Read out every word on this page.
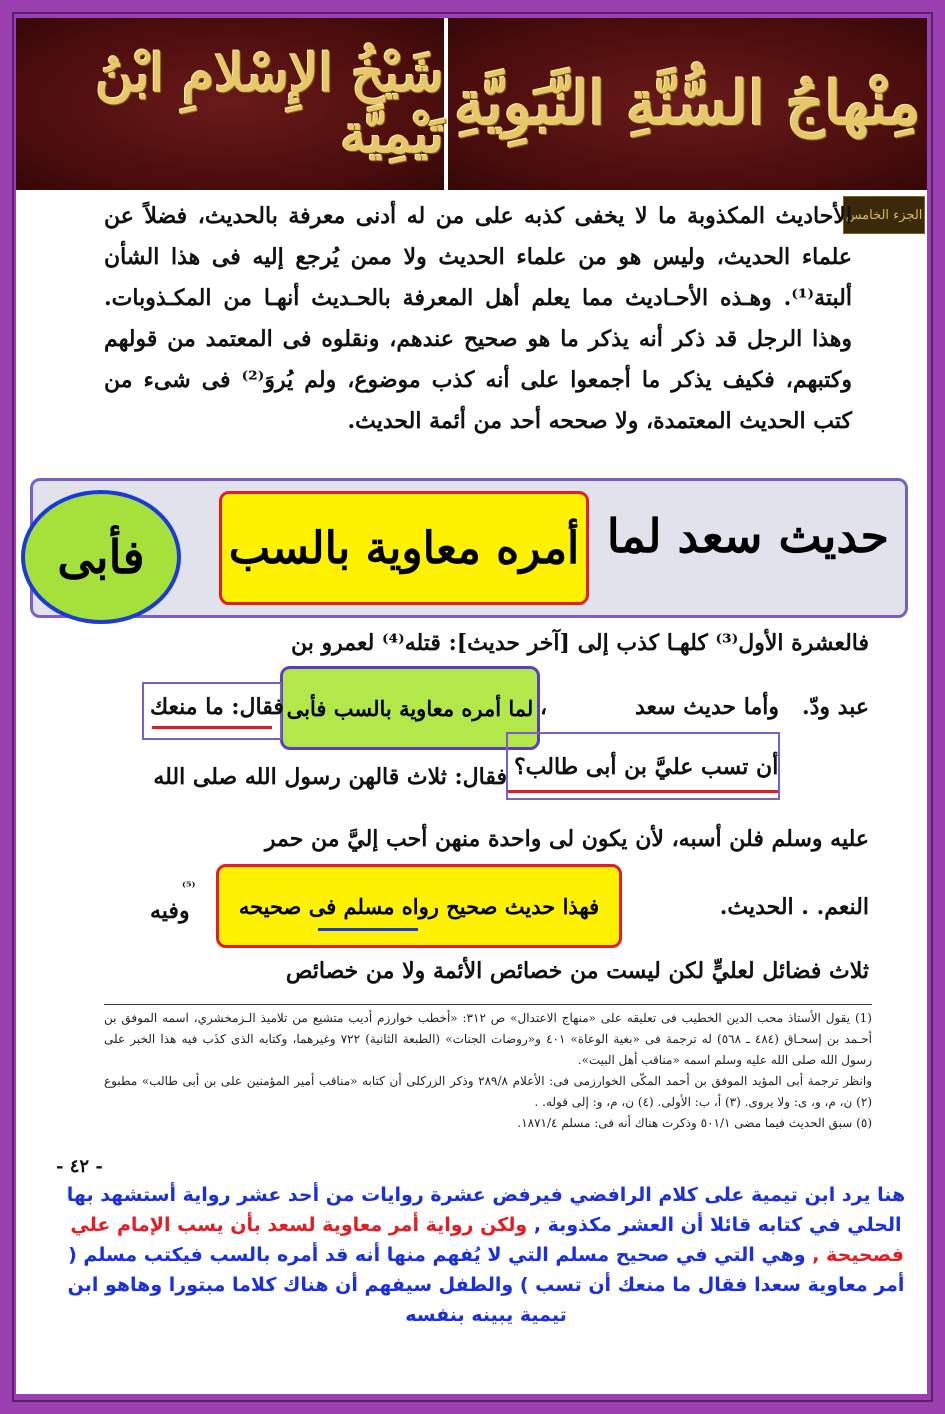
شَيْخُ الإِسْلامِ ابْنُ تَيْمِيَّة مِنْهاجُ السُّنَّةِ النَّبَوِيَّةِ
الجزء الخامس
الأحاديث المكذوبة ما لا يخفى كذبه على من له أدنى معرفة بالحديث، فضلاً عن علماء الحديث، وليس هو من علماء الحديث ولا ممن يُرجع إليه فى هذا الشأن ألبتة⁽¹⁾. وهـذه الأحـاديث مما يعلم أهل المعرفة بالحـديث أنهـا من المكـذوبات. وهذا الرجل قد ذكر أنه يذكر ما هو صحيح عندهم، ونقلوه فى المعتمد من قولهم وكتبهم، فكيف يذكر ما أجمعوا على أنه كذب موضوع، ولم يُروَ⁽²⁾ فى شىء من كتب الحديث المعتمدة، ولا صححه أحد من أئمة الحديث.
حديث سعد لما
أمره معاوية بالسب
فأبى
فالعشرة الأول⁽³⁾ كلهـا كذب إلى [آخر حديث]: قتله⁽⁴⁾ لعمرو بن
عبد ودّ.
وأما حديث سعد
لما أمره معاوية بالسب فأبى ،
فقال: ما منعك
أن تسب عليَّ بن أبى طالب؟
فقال: ثلاث قالهن رسول الله صلى الله
عليه وسلم فلن أسبه، لأن يكون لى واحدة منهن أحب إليَّ من حمر
النعم. . الحديث.
فهذا حديث صحيح رواه مسلم فى صحيحه
⁽⁵⁾
وفيه
ثلاث فضائل لعليٍّ لكن ليست من خصائص الأئمة ولا من خصائص
(1) يقول الأستاذ محب الدين الخطيب فى تعليقه على «منهاج الاعتدال» ص ٣١٢: «أخطب خوارزم أديب متشيع من تلاميذ الـزمخشري، اسمه الموفق بن أحـمد بن إسحـاق (٤٨٤ ـ ٥٦٨) له ترجمة فى «بغية الوعاة» ٤٠١ و«روضات الجنات» (الطبعة الثانية) ٧٢٢ وغيرهما، وكتابه الذى كذَب فيه هذا الخبر على رسول الله صلى الله عليه وسلم اسمه «مناقب أهل البيت».
وانظر ترجمة أبى المؤيد الموفق بن أحمد المكّى الخوارزمى فى: الأعلام ٢٨٩/٨ وذكر الزركلى أن كتابه «مناقب أمير المؤمنين على بن أبى طالب» مطبوع (٢) ن، م، و، ى: ولا يروى. (٣) أ، ب: الأولى. (٤) ن، م، و: إلى قوله. .
(٥) سبق الحديث فيما مضى ٥٠١/١ وذكرت هناك أنه فى: مسلم ١٨٧١/٤.
- ٤٢ -
هنا يرد ابن تيمية على كلام الرافضي فيرفض عشرة روايات من أحد عشر رواية أستشهد بها الحلي في كتابه قائلا أن العشر مكذوبة , ولكن رواية أمر معاوية لسعد بأن يسب الإمام علي فصحيحة , وهي التي في صحيح مسلم التي لا يُفهم منها أنه قد أمره بالسب فيكتب مسلم ( أمر معاوية سعدا فقال ما منعك أن تسب ) والطفل سيفهم أن هناك كلاما مبتورا وهاهو ابن تيمية يبينه بنفسه
